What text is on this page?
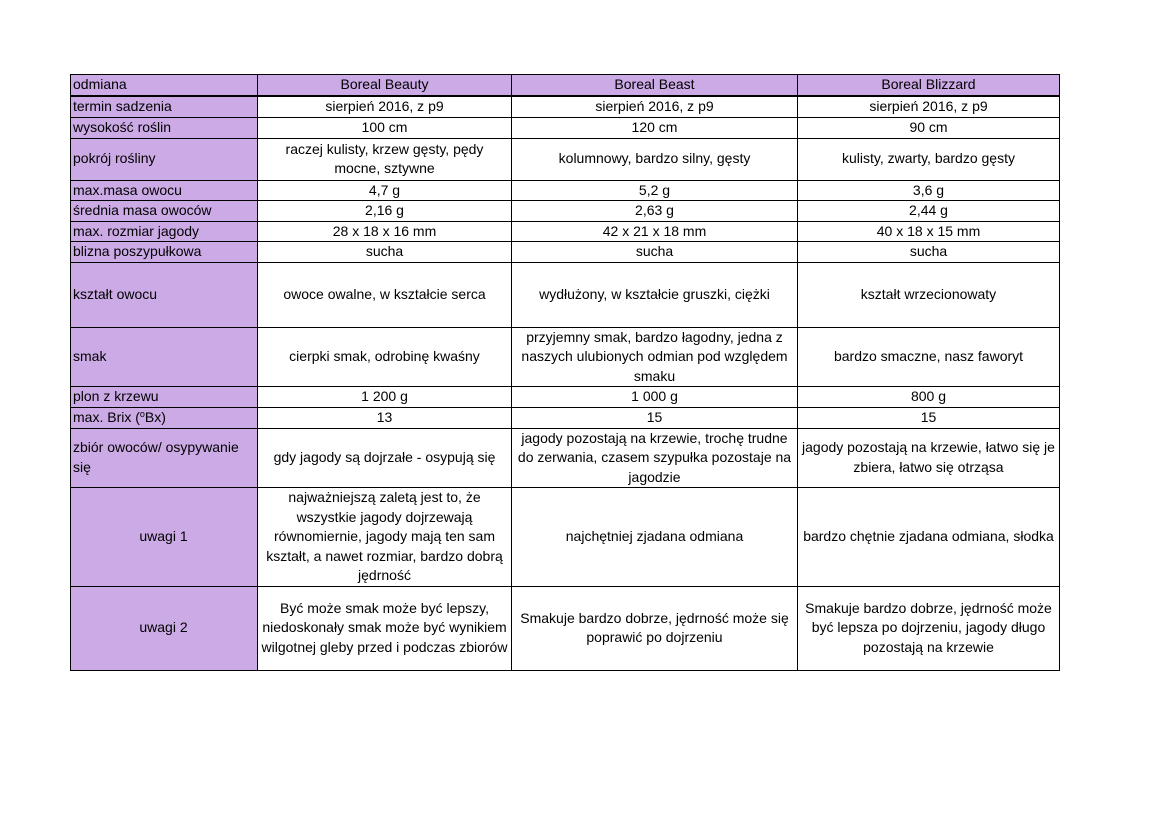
odmiana	Boreal Beauty	Boreal Beast	Boreal Blizzard
termin sadzenia	sierpień 2016, z p9	sierpień 2016, z p9	sierpień 2016, z p9
wysokość roślin	100 cm	120 cm	90 cm
pokrój rośliny	raczej kulisty, krzew gęsty, pędy mocne, sztywne	kolumnowy, bardzo silny, gęsty	kulisty, zwarty, bardzo gęsty
max.masa owocu	4,7 g	5,2 g	3,6 g
średnia masa owoców	2,16 g	2,63 g	2,44 g
max. rozmiar jagody	28 x 18 x 16 mm	42 x 21 x 18 mm	40 x 18 x 15 mm
blizna poszypułkowa	sucha	sucha	sucha
kształt owocu	owoce owalne, w kształcie serca	wydłużony, w kształcie gruszki, ciężki	kształt wrzecionowaty
smak	cierpki smak, odrobinę kwaśny	przyjemny smak, bardzo łagodny, jedna z naszych ulubionych odmian pod względem smaku	bardzo smaczne, nasz faworyt
plon z krzewu	1 200 g	1 000 g	800 g
max. Brix ($^o$Bx)	13	15	15
zbiór owoców/ osypywanie się	gdy jagody są dojrzałe - osypują się	jagody pozostają na krzewie, trochę trudne do zerwania, czasem szypułka pozostaje na jagodzie	jagody pozostają na krzewie, łatwo się je zbiera, łatwo się otrząsa
uwagi 1	najważniejszą zaletą jest to, że wszystkie jagody dojrzewają równomiernie, jagody mają ten sam kształt, a nawet rozmiar, bardzo dobrą jędrność	najchętniej zjadana odmiana	bardzo chętnie zjadana odmiana, słodka
uwagi 2	Być może smak może być lepszy, niedoskonały smak może być wynikiem wilgotnej gleby przed i podczas zbiorów	Smakuje bardzo dobrze, jędrność może się poprawić po dojrzeniu	Smakuje bardzo dobrze, jędrność może być lepsza po dojrzeniu, jagody długo pozostają na krzewie
